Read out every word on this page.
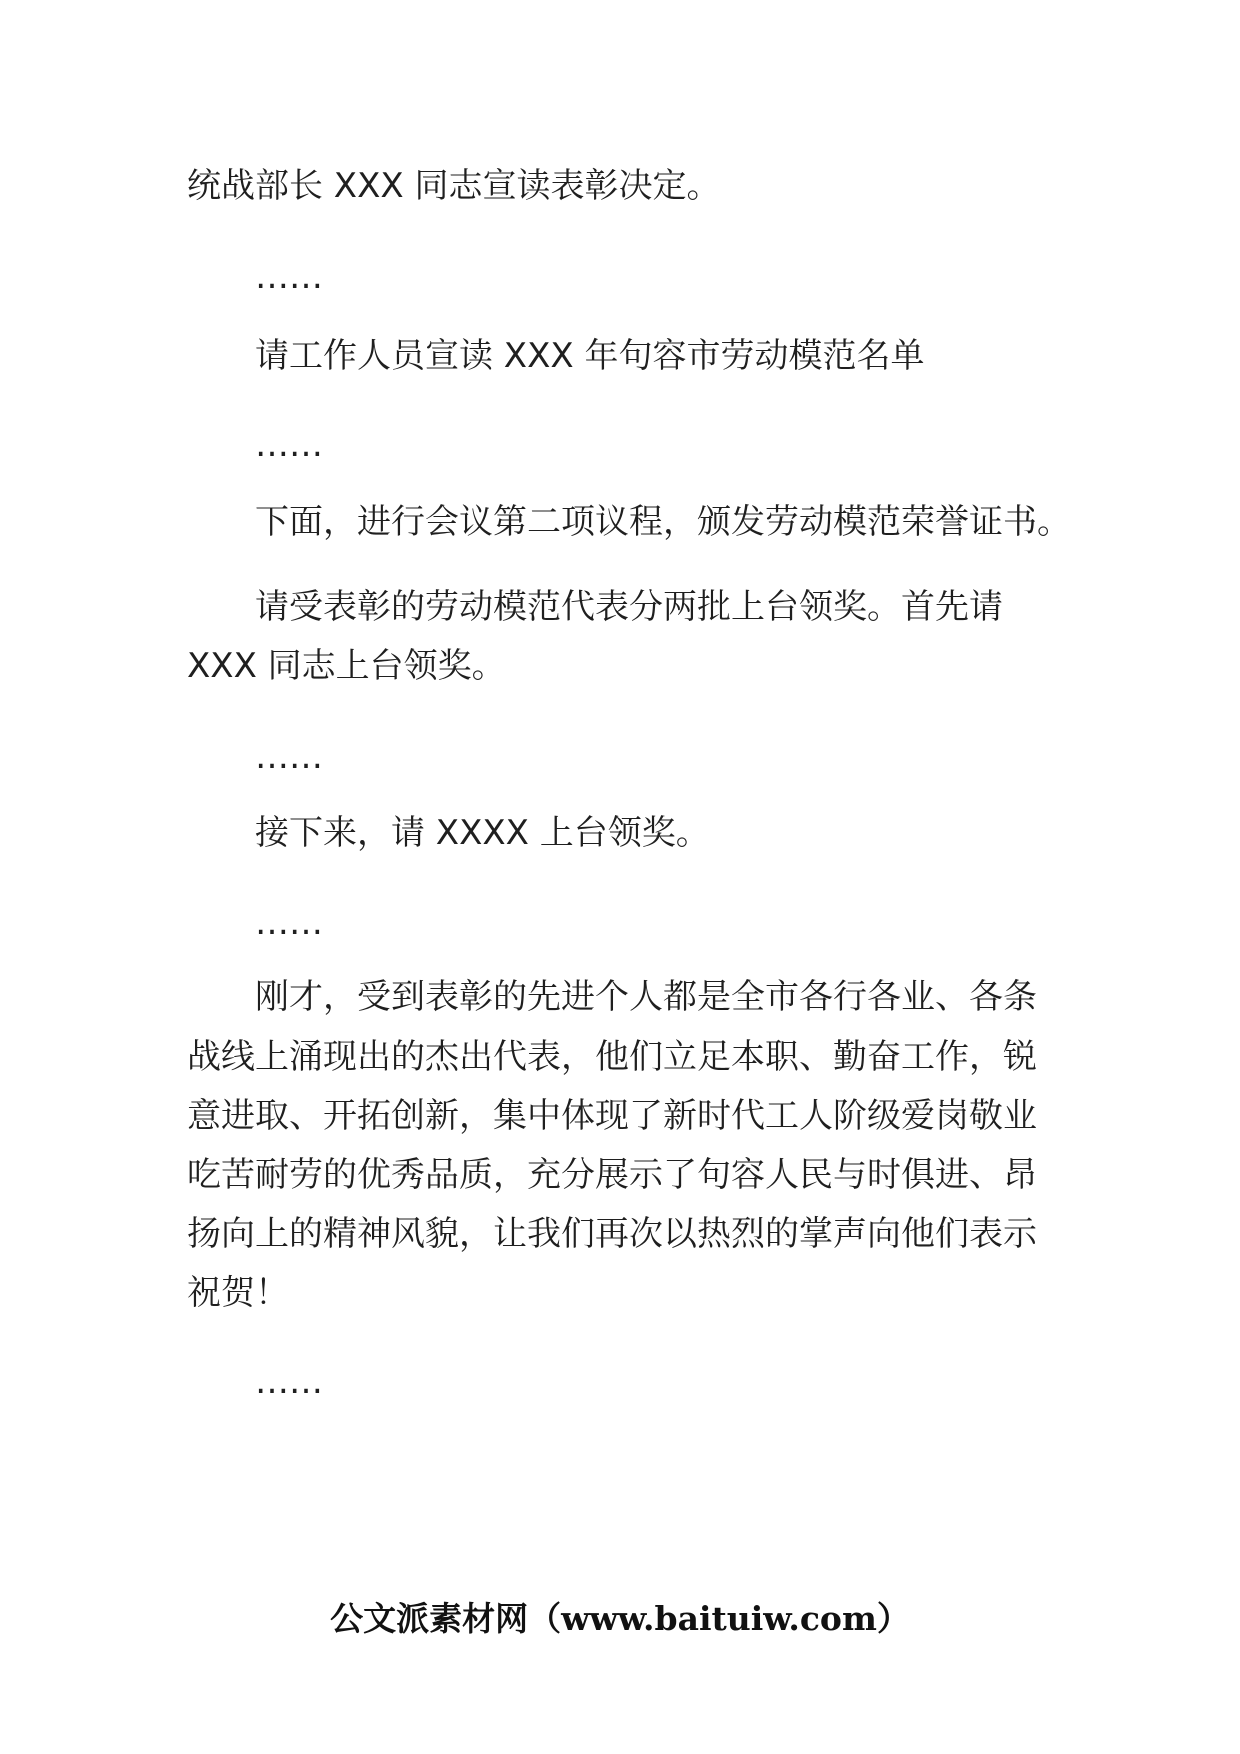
统战部长 XXX 同志宣读表彰决定。

……

请工作人员宣读 XXX 年句容市劳动模范名单

……

下面，进行会议第二项议程，颁发劳动模范荣誉证书。

请受表彰的劳动模范代表分两批上台领奖。首先请

XXX 同志上台领奖。

……

接下来，请 XXXX 上台领奖。

……

刚才，受到表彰的先进个人都是全市各行各业、各条

战线上涌现出的杰出代表，他们立足本职、勤奋工作，锐

意进取、开拓创新，集中体现了新时代工人阶级爱岗敬业

吃苦耐劳的优秀品质，充分展示了句容人民与时俱进、昂

扬向上的精神风貌，让我们再次以热烈的掌声向他们表示

祝贺！

……

公文派素材网（www.baituiw.com）
